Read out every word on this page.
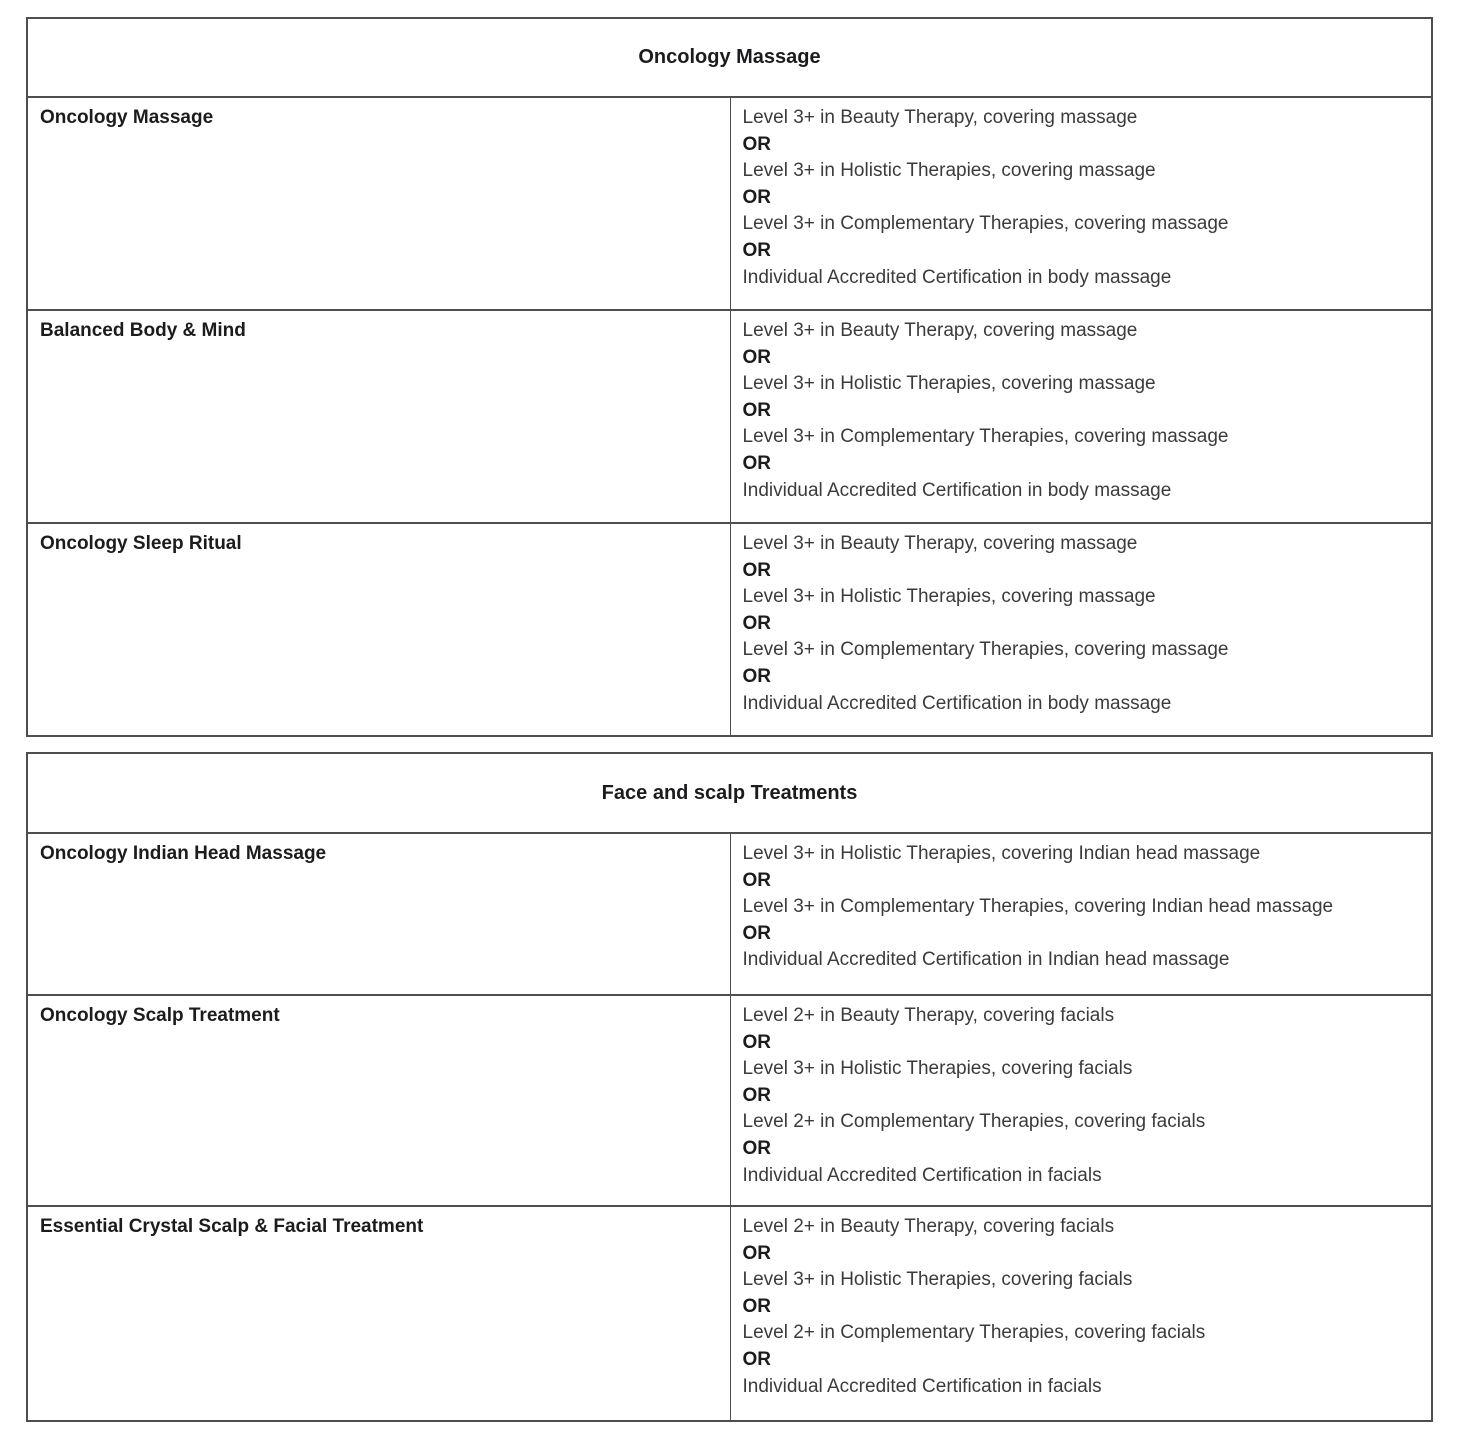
Oncology Massage	

Oncology Massage	Level 3+ in Beauty Therapy, covering massage
OR
Level 3+ in Holistic Therapies, covering massage
OR
Level 3+ in Complementary Therapies, covering massage
OR
Individual Accredited Certification in body massage

Balanced Body & Mind	Level 3+ in Beauty Therapy, covering massage
OR
Level 3+ in Holistic Therapies, covering massage
OR
Level 3+ in Complementary Therapies, covering massage
OR
Individual Accredited Certification in body massage

Oncology Sleep Ritual	Level 3+ in Beauty Therapy, covering massage
OR
Level 3+ in Holistic Therapies, covering massage
OR
Level 3+ in Complementary Therapies, covering massage
OR
Individual Accredited Certification in body massage
Face and scalp Treatments	

Oncology Indian Head Massage	Level 3+ in Holistic Therapies, covering Indian head massage
OR
Level 3+ in Complementary Therapies, covering Indian head massage
OR
Individual Accredited Certification in Indian head massage

Oncology Scalp Treatment	Level 2+ in Beauty Therapy, covering facials
OR
Level 3+ in Holistic Therapies, covering facials
OR
Level 2+ in Complementary Therapies, covering facials
OR
Individual Accredited Certification in facials

Essential Crystal Scalp & Facial Treatment	Level 2+ in Beauty Therapy, covering facials
OR
Level 3+ in Holistic Therapies, covering facials
OR
Level 2+ in Complementary Therapies, covering facials
OR
Individual Accredited Certification in facials
